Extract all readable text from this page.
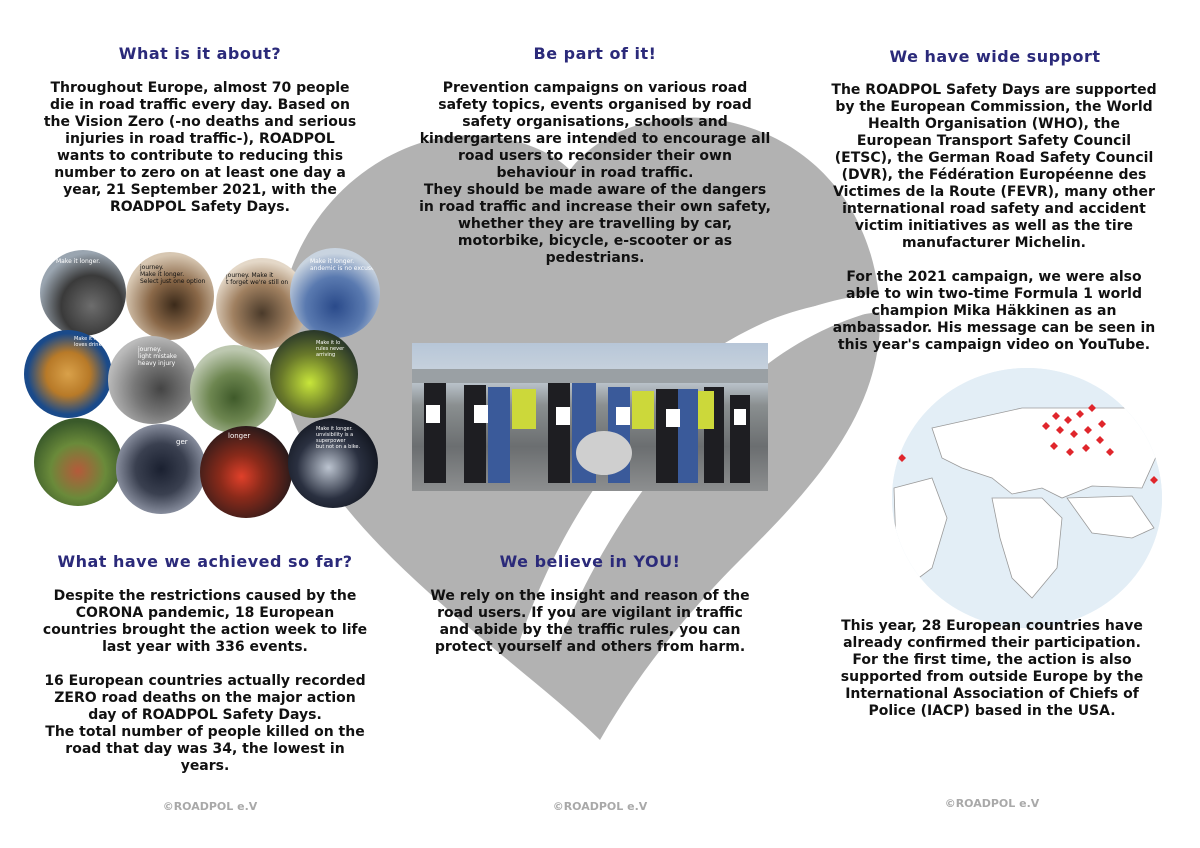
What is it about?	Be part of it!	We have wide support
Throughout Europe, almost 70 people
die in road traffic every day. Based on
the Vision Zero (-no deaths and serious
injuries in road traffic-), ROADPOL
wants to contribute to reducing this
number to zero on at least one day a
year, 21 September 2021, with the
ROADPOL Safety Days.
Prevention campaigns on various road
safety topics, events organised by road
safety organisations, schools and
kindergartens are intended to encourage all
road users to reconsider their own
behaviour in road traffic.
They should be made aware of the dangers
in road traffic and increase their own safety,
whether they are travelling by car,
motorbike, bicycle, e-scooter or as
pedestrians.
The ROADPOL Safety Days are supported
by the European Commission, the World
Health Organisation (WHO), the
European Transport Safety Council
(ETSC), the German Road Safety Council
(DVR), the Fédération Européenne des
Victimes de la Route (FEVR), many other
international road safety and accident
victim initiatives as well as the tire
manufacturer Michelin.

For the 2021 campaign, we were also
able to win two-time Formula 1 world
champion Mika Häkkinen as an
ambassador. His message can be seen in
this year's campaign video on YouTube.
Make it longer.
journey.
Make it longer.
Select just one option
journey. Make it
t forget we're still on
Make it longer.
andemic is no excuse
Make it longer.
loves drink
journey.
light mistake
heavy injury
Make it lo
rules never arriving
ger
longer
Make it longer.
unvisibility is a
superpower
but not on a bike.
What have we achieved so far?	We believe in YOU!
Despite the restrictions caused by the
CORONA pandemic, 18 European
countries brought the action week to life
last year with 336 events.

16 European countries actually recorded
ZERO road deaths on the major action
day of ROADPOL Safety Days.
The total number of people killed on the
road that day was 34, the lowest in
years.
We rely on the insight and reason of the
road users. If you are vigilant in traffic
and abide by the traffic rules, you can
protect yourself and others from harm.
This year, 28 European countries have
already confirmed their participation.
For the first time, the action is also
supported from outside Europe by the
International Association of Chiefs of
Police (IACP) based in the USA.
©ROADPOL e.V	©ROADPOL e.V	©ROADPOL e.V
